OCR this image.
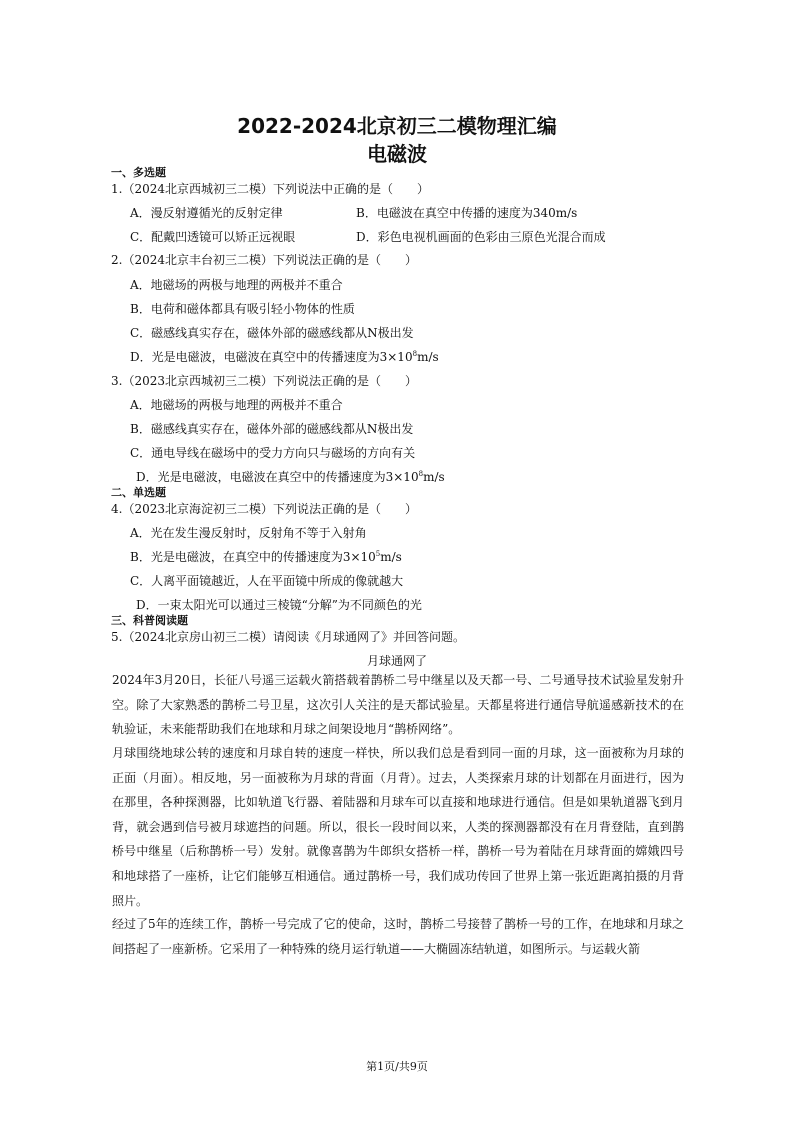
2022-2024北京初三二模物理汇编
电磁波
一、多选题
1.（2024北京西城初三二模）下列说法中正确的是（　　）
A．漫反射遵循光的反射定律	B．电磁波在真空中传播的速度为340m/s
C．配戴凹透镜可以矫正远视眼	D．彩色电视机画面的色彩由三原色光混合而成
2.（2024北京丰台初三二模）下列说法正确的是（　　）
A．地磁场的两极与地理的两极并不重合
B．电荷和磁体都具有吸引轻小物体的性质
C．磁感线真实存在，磁体外部的磁感线都从N极出发
D．光是电磁波，电磁波在真空中的传播速度为$3\times 10^8m/s$
3.（2023北京西城初三二模）下列说法正确的是（　　）
A．地磁场的两极与地理的两极并不重合
B．磁感线真实存在，磁体外部的磁感线都从N极出发
C．通电导线在磁场中的受力方向只与磁场的方向有关
D．光是电磁波，电磁波在真空中的传播速度为$3\times 10^8m/s$
二、单选题
4.（2023北京海淀初三二模）下列说法正确的是（　　）
A．光在发生漫反射时，反射角不等于入射角
B．光是电磁波，在真空中的传播速度为$3\times 10^5m/s$
C．人离平面镜越近，人在平面镜中所成的像就越大
D．一束太阳光可以通过三棱镜“分解”为不同颜色的光
三、科普阅读题
5.（2024北京房山初三二模）请阅读《月球通网了》并回答问题。
月球通网了
2024年3月20日，长征八号遥三运载火箭搭载着鹊桥二号中继星以及天都一号、二号通导技术试验星发射升空。除了大家熟悉的鹊桥二号卫星，这次引人关注的是天都试验星。天都星将进行通信导航遥感新技术的在轨验证，未来能帮助我们在地球和月球之间架设地月“鹊桥网络”。
月球围绕地球公转的速度和月球自转的速度一样快，所以我们总是看到同一面的月球，这一面被称为月球的正面（月面）。相反地，另一面被称为月球的背面（月背）。过去，人类探索月球的计划都在月面进行，因为在那里，各种探测器，比如轨道飞行器、着陆器和月球车可以直接和地球进行通信。但是如果轨道器飞到月背，就会遇到信号被月球遮挡的问题。所以，很长一段时间以来，人类的探测器都没有在月背登陆，直到鹊桥号中继星（后称鹊桥一号）发射。就像喜鹊为牛郎织女搭桥一样，鹊桥一号为着陆在月球背面的嫦娥四号和地球搭了一座桥，让它们能够互相通信。通过鹊桥一号，我们成功传回了世界上第一张近距离拍摄的月背照片。
经过了5年的连续工作，鹊桥一号完成了它的使命，这时，鹊桥二号接替了鹊桥一号的工作，在地球和月球之间搭起了一座新桥。它采用了一种特殊的绕月运行轨道——大椭圆冻结轨道，如图所示。与运载火箭
第1页/共9页
